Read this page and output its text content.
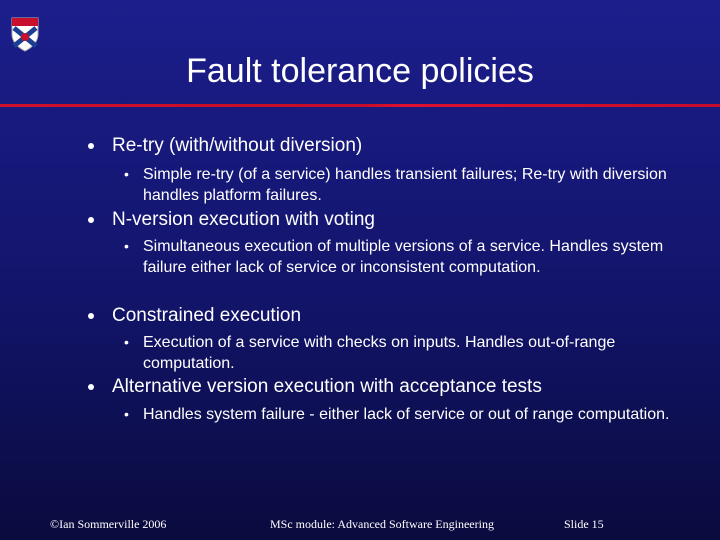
Fault tolerance policies
Re-try (with/without diversion)
• Simple re-try (of a service) handles transient failures; Re-try with diversion handles platform failures.
N-version execution with voting
• Simultaneous execution of multiple versions of a service. Handles system failure either lack of service or inconsistent computation.
Constrained execution
• Execution of a service with checks on inputs. Handles out-of-range computation.
Alternative version execution with acceptance tests
• Handles system failure - either lack of service or out of range computation.
©Ian Sommerville 2006	MSc module: Advanced Software Engineering	Slide 15
